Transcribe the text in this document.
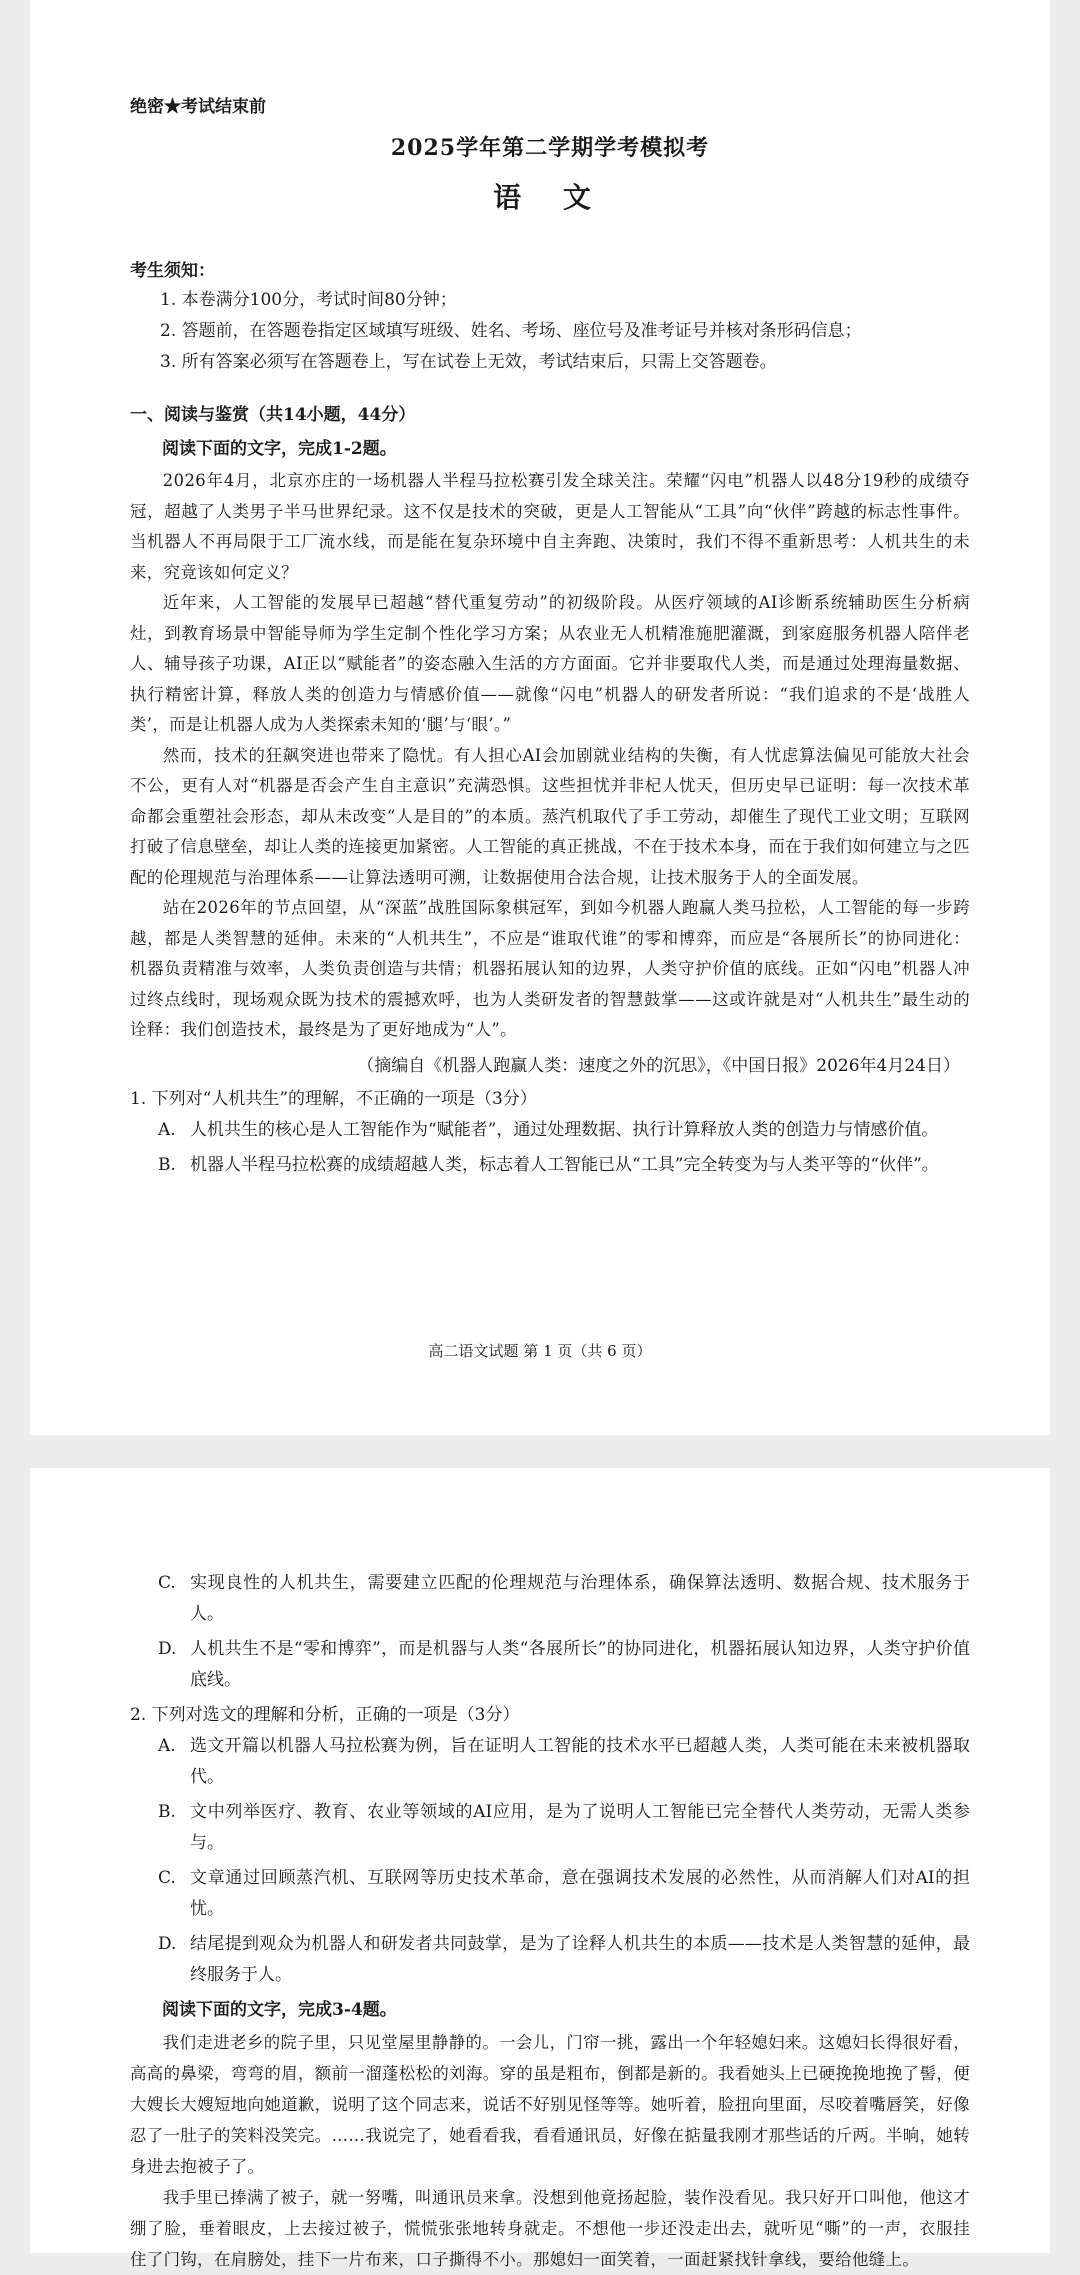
绝密★考试结束前

2025学年第二学期学考模拟考

语 文

考生须知：

1. 本卷满分100分，考试时间80分钟；

2. 答题前，在答题卷指定区域填写班级、姓名、考场、座位号及准考证号并核对条形码信息；

3. 所有答案必须写在答题卷上，写在试卷上无效，考试结束后，只需上交答题卷。

一、阅读与鉴赏（共14小题，44分）

阅读下面的文字，完成1-2题。

2026年4月，北京亦庄的一场机器人半程马拉松赛引发全球关注。荣耀“闪电”机器人以48分19秒的成绩夺冠，超越了人类男子半马世界纪录。这不仅是技术的突破，更是人工智能从“工具”向“伙伴”跨越的标志性事件。当机器人不再局限于工厂流水线，而是能在复杂环境中自主奔跑、决策时，我们不得不重新思考：人机共生的未来，究竟该如何定义？

近年来，人工智能的发展早已超越“替代重复劳动”的初级阶段。从医疗领域的AI诊断系统辅助医生分析病灶，到教育场景中智能导师为学生定制个性化学习方案；从农业无人机精准施肥灌溉，到家庭服务机器人陪伴老人、辅导孩子功课，AI正以“赋能者”的姿态融入生活的方方面面。它并非要取代人类，而是通过处理海量数据、执行精密计算，释放人类的创造力与情感价值——就像“闪电”机器人的研发者所说：“我们追求的不是‘战胜人类’，而是让机器人成为人类探索未知的‘腿’与‘眼’。”

然而，技术的狂飙突进也带来了隐忧。有人担心AI会加剧就业结构的失衡，有人忧虑算法偏见可能放大社会不公，更有人对“机器是否会产生自主意识”充满恐惧。这些担忧并非杞人忧天，但历史早已证明：每一次技术革命都会重塑社会形态，却从未改变“人是目的”的本质。蒸汽机取代了手工劳动，却催生了现代工业文明；互联网打破了信息壁垒，却让人类的连接更加紧密。人工智能的真正挑战，不在于技术本身，而在于我们如何建立与之匹配的伦理规范与治理体系——让算法透明可溯，让数据使用合法合规，让技术服务于人的全面发展。

站在2026年的节点回望，从“深蓝”战胜国际象棋冠军，到如今机器人跑赢人类马拉松，人工智能的每一步跨越，都是人类智慧的延伸。未来的“人机共生”，不应是“谁取代谁”的零和博弈，而应是“各展所长”的协同进化：机器负责精准与效率，人类负责创造与共情；机器拓展认知的边界，人类守护价值的底线。正如“闪电”机器人冲过终点线时，现场观众既为技术的震撼欢呼，也为人类研发者的智慧鼓掌——这或许就是对“人机共生”最生动的诠释：我们创造技术，最终是为了更好地成为“人”。

（摘编自《机器人跑赢人类：速度之外的沉思》，《中国日报》2026年4月24日）

1. 下列对“人机共生”的理解，不正确的一项是（3分）

A. 人机共生的核心是人工智能作为“赋能者”，通过处理数据、执行计算释放人类的创造力与情感价值。
B. 机器人半程马拉松赛的成绩超越人类，标志着人工智能已从“工具”完全转变为与人类平等的“伙伴”。
高二语文试题 第 1 页（共 6 页）
C. 实现良性的人机共生，需要建立匹配的伦理规范与治理体系，确保算法透明、数据合规、技术服务于人。
D. 人机共生不是“零和博弈”，而是机器与人类“各展所长”的协同进化，机器拓展认知边界，人类守护价值底线。

2. 下列对选文的理解和分析，正确的一项是（3分）

A. 选文开篇以机器人马拉松赛为例，旨在证明人工智能的技术水平已超越人类，人类可能在未来被机器取代。
B. 文中列举医疗、教育、农业等领域的AI应用，是为了说明人工智能已完全替代人类劳动，无需人类参与。
C. 文章通过回顾蒸汽机、互联网等历史技术革命，意在强调技术发展的必然性，从而消解人们对AI的担忧。
D. 结尾提到观众为机器人和研发者共同鼓掌，是为了诠释人机共生的本质——技术是人类智慧的延伸，最终服务于人。

阅读下面的文字，完成3-4题。

我们走进老乡的院子里，只见堂屋里静静的。一会儿，门帘一挑，露出一个年轻媳妇来。这媳妇长得很好看，高高的鼻梁，弯弯的眉，额前一溜蓬松松的刘海。穿的虽是粗布，倒都是新的。我看她头上已硬挽挽地挽了髻，便大嫂长大嫂短地向她道歉，说明了这个同志来，说话不好别见怪等等。她听着，脸扭向里面，尽咬着嘴唇笑，好像忍了一肚子的笑料没笑完。……我说完了，她看看我，看看通讯员，好像在掂量我刚才那些话的斤两。半晌，她转身进去抱被子了。

我手里已捧满了被子，就一努嘴，叫通讯员来拿。没想到他竟扬起脸，装作没看见。我只好开口叫他，他这才绷了脸，垂着眼皮，上去接过被子，慌慌张张地转身就走。不想他一步还没走出去，就听见“嘶”的一声，衣服挂住了门钩，在肩膀处，挂下一片布来，口子撕得不小。那媳妇一面笑着，一面赶紧找针拿线，要给他缝上。
